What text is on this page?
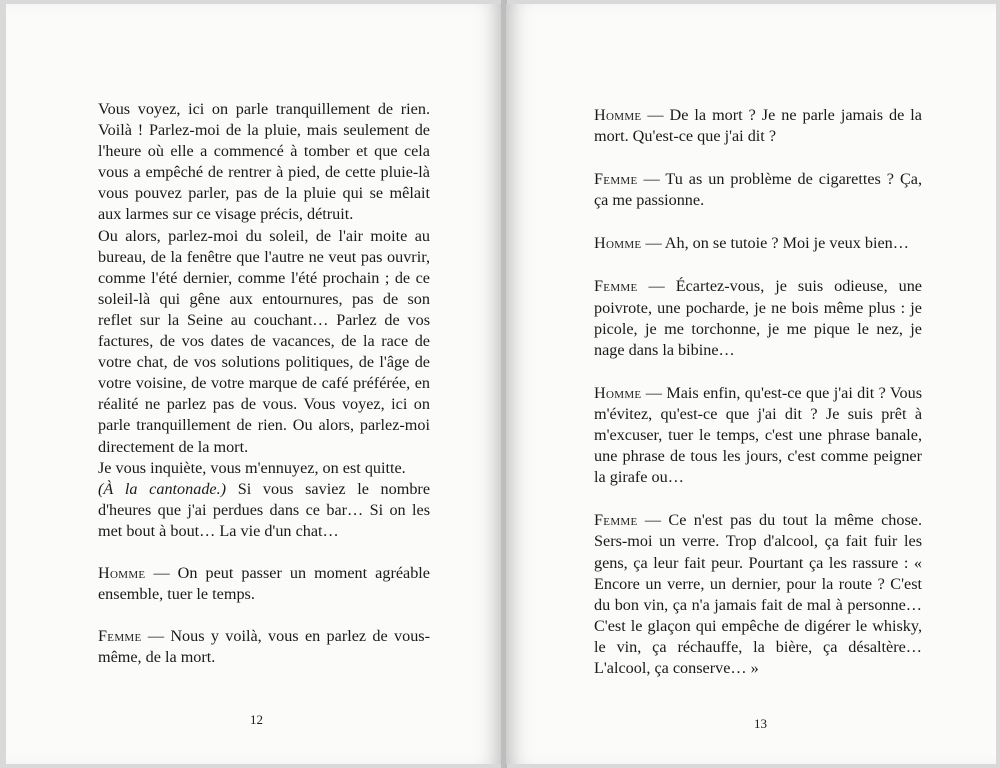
Vous voyez, ici on parle tranquillement de rien. Voilà ! Parlez-moi de la pluie, mais seulement de l'heure où elle a commencé à tomber et que cela vous a empêché de rentrer à pied, de cette pluie-là vous pouvez parler, pas de la pluie qui se mêlait aux larmes sur ce visage précis, détruit.

Ou alors, parlez-moi du soleil, de l'air moite au bureau, de la fenêtre que l'autre ne veut pas ouvrir, comme l'été dernier, comme l'été prochain ; de ce soleil-là qui gêne aux entournures, pas de son reflet sur la Seine au couchant… Parlez de vos factures, de vos dates de vacances, de la race de votre chat, de vos solutions politiques, de l'âge de votre voisine, de votre marque de café préférée, en réalité ne parlez pas de vous. Vous voyez, ici on parle tranquillement de rien. Ou alors, parlez-moi directement de la mort.

Je vous inquiète, vous m'ennuyez, on est quitte.

(À la cantonade.) Si vous saviez le nombre d'heures que j'ai perdues dans ce bar… Si on les met bout à bout… La vie d'un chat…

Homme — On peut passer un moment agréable ensemble, tuer le temps.

Femme — Nous y voilà, vous en parlez de vous-même, de la mort.

12

Homme — De la mort ? Je ne parle jamais de la mort. Qu'est-ce que j'ai dit ?

Femme — Tu as un problème de cigarettes ? Ça, ça me passionne.

Homme — Ah, on se tutoie ? Moi je veux bien…

Femme — Écartez-vous, je suis odieuse, une poivrote, une pocharde, je ne bois même plus : je picole, je me torchonne, je me pique le nez, je nage dans la bibine…

Homme — Mais enfin, qu'est-ce que j'ai dit ? Vous m'évitez, qu'est-ce que j'ai dit ? Je suis prêt à m'excuser, tuer le temps, c'est une phrase banale, une phrase de tous les jours, c'est comme peigner la girafe ou…

Femme — Ce n'est pas du tout la même chose. Sers-moi un verre. Trop d'alcool, ça fait fuir les gens, ça leur fait peur. Pourtant ça les rassure : « Encore un verre, un dernier, pour la route ? C'est du bon vin, ça n'a jamais fait de mal à personne… C'est le glaçon qui empêche de digérer le whisky, le vin, ça réchauffe, la bière, ça désaltère… L'alcool, ça conserve… »

13
